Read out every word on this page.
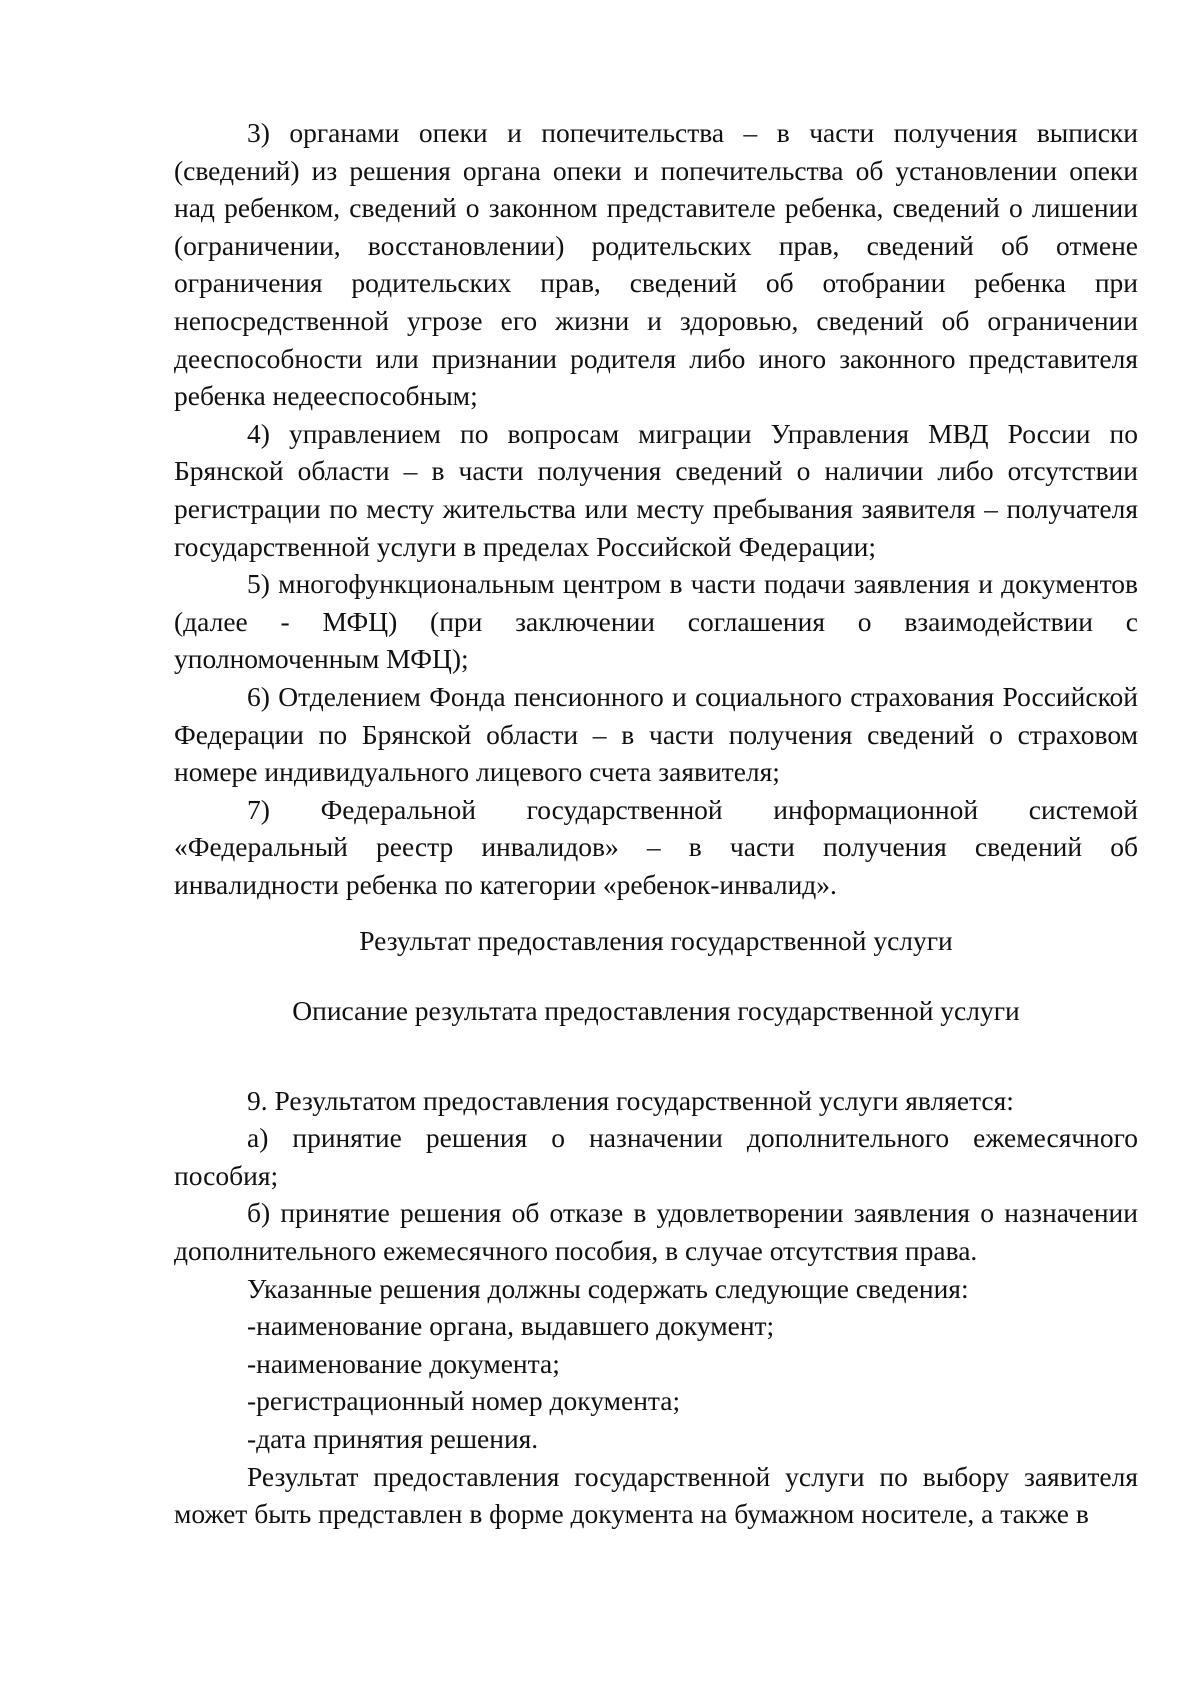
3) органами опеки и попечительства – в части получения выписки (сведений) из решения органа опеки и попечительства об установлении опеки над ребенком, сведений о законном представителе ребенка, сведений о лишении (ограничении, восстановлении) родительских прав, сведений об отмене ограничения родительских прав, сведений об отобрании ребенка при непосредственной угрозе его жизни и здоровью, сведений об ограничении дееспособности или признании родителя либо иного законного представителя ребенка недееспособным;

4) управлением по вопросам миграции Управления МВД России по Брянской области – в части получения сведений о наличии либо отсутствии регистрации по месту жительства или месту пребывания заявителя – получателя государственной услуги в пределах Российской Федерации;

5) многофункциональным центром в части подачи заявления и документов (далее - МФЦ) (при заключении соглашения о взаимодействии с уполномоченным МФЦ);

6) Отделением Фонда пенсионного и социального страхования Российской Федерации по Брянской области – в части получения сведений о страховом номере индивидуального лицевого счета заявителя;

7) Федеральной государственной информационной системой «Федеральный реестр инвалидов» – в части получения сведений об инвалидности ребенка по категории «ребенок-инвалид».

Результат предоставления государственной услуги

Описание результата предоставления государственной услуги

9. Результатом предоставления государственной услуги является:

а) принятие решения о назначении дополнительного ежемесячного пособия;

б) принятие решения об отказе в удовлетворении заявления о назначении дополнительного ежемесячного пособия, в случае отсутствия права.

Указанные решения должны содержать следующие сведения:

-наименование органа, выдавшего документ;

-наименование документа;

-регистрационный номер документа;

-дата принятия решения.

Результат предоставления государственной услуги по выбору заявителя может быть представлен в форме документа на бумажном носителе, а также в
